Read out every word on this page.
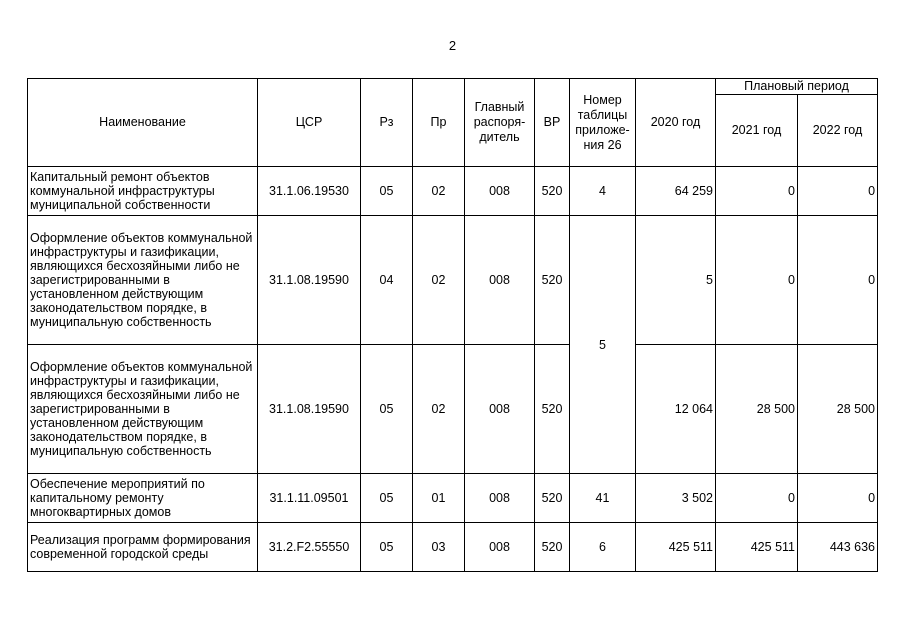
2
Наименование	ЦСР	Рз	Пр	Главный распоря-дитель	ВР	Номер таблицы приложе-ния 26	2020 год	Плановый период	
								2021 год	2022 год
Капитальный ремонт объектов коммунальной инфраструктуры муниципальной собственности	31.1.06.19530	05	02	008	520	4	64 259	0	0
Оформление объектов коммунальной инфраструктуры и газификации, являющихся бесхозяйными либо не зарегистрированными в установленном действующим законодательством порядке, в муниципальную собственность	31.1.08.19590	04	02	008	520	5	5	0	0
Оформление объектов коммунальной инфраструктуры и газификации, являющихся бесхозяйными либо не зарегистрированными в установленном действующим законодательством порядке, в муниципальную собственность	31.1.08.19590	05	02	008	520		12 064	28 500	28 500
Обеспечение мероприятий по капитальному ремонту многоквартирных домов	31.1.11.09501	05	01	008	520	41	3 502	0	0
Реализация программ формирования современной городской среды	31.2.F2.55550	05	03	008	520	6	425 511	425 511	443 636
